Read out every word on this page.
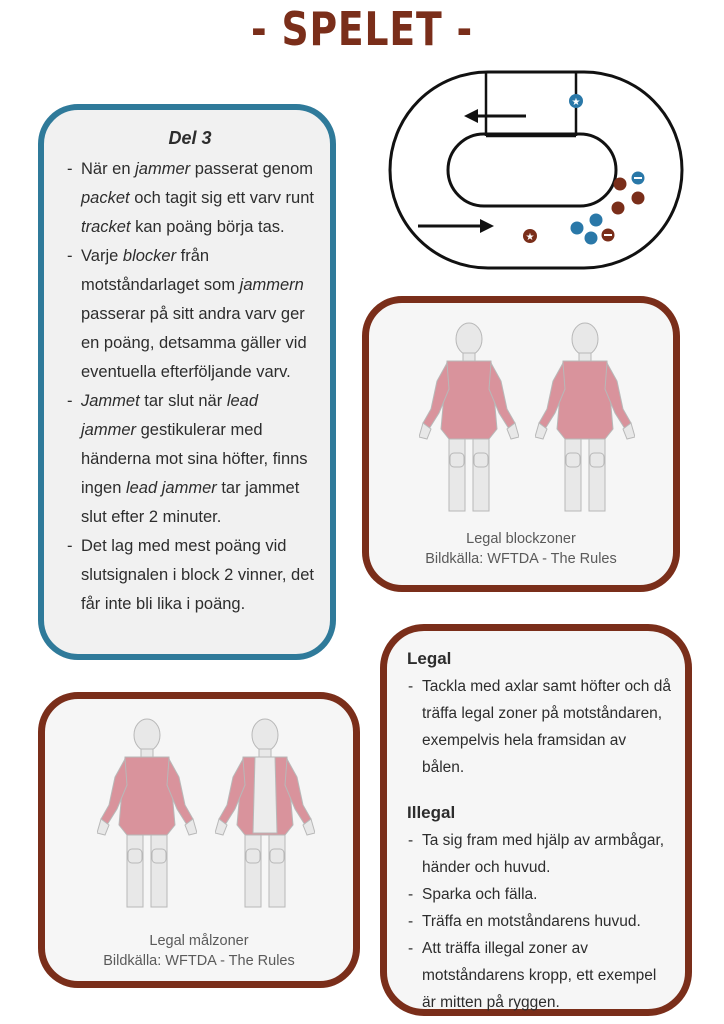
- SPELET -
★
★
Del 3
- När en jammer passerat genom packet och tagit sig ett varv runt tracket kan poäng börja tas.
- Varje blocker från motståndarlaget som jammern passerar på sitt andra varv ger en poäng, detsamma gäller vid eventuella efterföljande varv.
- Jammet tar slut när lead jammer gestikulerar med händerna mot sina höfter, finns ingen lead jammer tar jammet slut efter 2 minuter.
- Det lag med mest poäng vid slutsignalen i block 2 vinner, det får inte bli lika i poäng.
Legal blockzoner
Bildkälla: WFTDA - The Rules
Legal
- Tackla med axlar samt höfter och då träffa legal zoner på motståndaren, exempelvis hela framsidan av bålen.
Illegal
- Ta sig fram med hjälp av armbågar, händer och huvud.
- Sparka och fälla.
- Träffa en motståndarens huvud.
- Att träffa illegal zoner av motståndarens kropp, ett exempel är mitten på ryggen.
Legal målzoner
Bildkälla: WFTDA - The Rules
